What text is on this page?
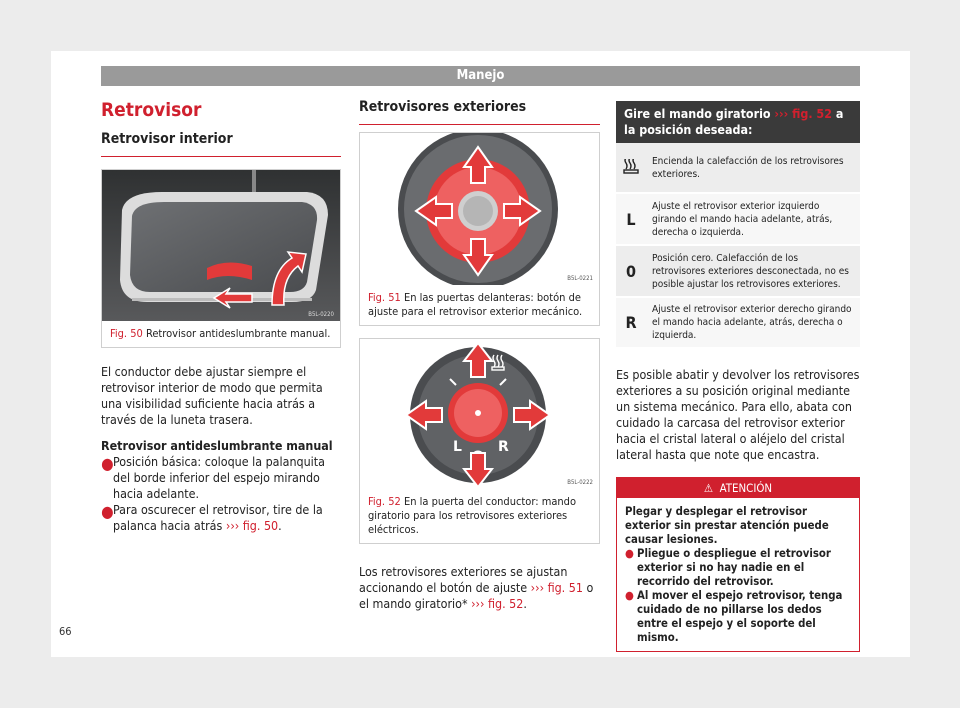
Manejo
Retrovisor
Retrovisor interior
B5L-0220
Fig. 50 Retrovisor antideslumbrante manual.

El conductor debe ajustar siempre el retrovisor interior de modo que permita una visibilidad suficiente hacia atrás a través de la luneta trasera.

Retrovisor antideslumbrante manual

● Posición básica: coloque la palanquita del borde inferior del espejo mirando hacia adelante.

● Para oscurecer el retrovisor, tire de la palanca hacia atrás ››› fig. 50.

Retrovisores exteriores
B5L-0221
Fig. 51 En las puertas delanteras: botón de ajuste para el retrovisor exterior mecánico.
L	R
B5L-0222
Fig. 52 En la puerta del conductor: mando giratorio para los retrovisores exteriores eléctricos.

Los retrovisores exteriores se ajustan accionando el botón de ajuste ››› fig. 51 o el mando giratorio* ››› fig. 52.

Gire el mando giratorio ››› fig. 52 a la posición deseada:	
	Encienda la calefacción de los retrovisores exteriores.
L	Ajuste el retrovisor exterior izquierdo girando el mando hacia adelante, atrás, derecha o izquierda.
0	Posición cero. Calefacción de los retrovisores exteriores desconectada, no es posible ajustar los retrovisores exteriores.
R	Ajuste el retrovisor exterior derecho girando el mando hacia adelante, atrás, derecha o izquierda.

Es posible abatir y devolver los retrovisores exteriores a su posición original mediante un sistema mecánico. Para ello, abata con cuidado la carcasa del retrovisor exterior hacia el cristal lateral o aléjelo del cristal lateral hasta que note que encastra.

⚠ ATENCIÓN
Plegar y desplegar el retrovisor exterior sin prestar atención puede causar lesiones.
● Pliegue o despliegue el retrovisor exterior si no hay nadie en el recorrido del retrovisor.
● Al mover el espejo retrovisor, tenga cuidado de no pillarse los dedos entre el espejo y el soporte del mismo.
66
